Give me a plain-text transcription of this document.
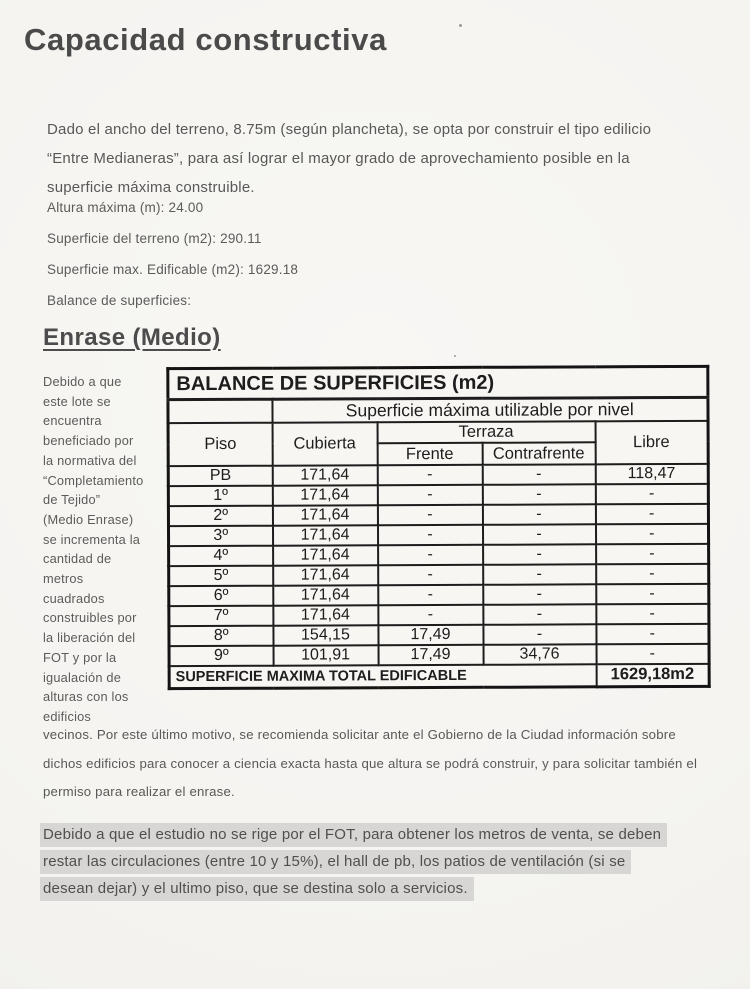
Capacidad constructiva

Dado el ancho del terreno, 8.75m (según plancheta), se opta por construir el tipo edilicio “Entre Medianeras”, para así lograr el mayor grado de aprovechamiento posible en la superficie máxima construible.

Altura máxima (m): 24.00
Superficie del terreno (m2): 290.11
Superficie max. Edificable (m2): 1629.18
Balance de superficies:
Enrase (Medio)
Debido a que
este lote se
encuentra
beneficiado por
la normativa del
“Completamiento
de Tejido”
(Medio Enrase)
se incrementa la
cantidad de
metros
cuadrados
construibles por
la liberación del
FOT y por la
igualación de
alturas con los
edificios
BALANCE DE SUPERFICIES (m2)				
	Superficie máxima utilizable por nivel			
Piso	Cubierta	Terraza		Libre
		Frente	Contrafrente	
PB	171,64	-	-	118,47
1º	171,64	-	-	-
2º	171,64	-	-	-
3º	171,64	-	-	-
4º	171,64	-	-	-
5º	171,64	-	-	-
6º	171,64	-	-	-
7º	171,64	-	-	-
8º	154,15	17,49	-	-
9º	101,91	17,49	34,76	-
SUPERFICIE MAXIMA TOTAL EDIFICABLE				1629,18m2

vecinos. Por este último motivo, se recomienda solicitar ante el Gobierno de la Ciudad información sobre dichos edificios para conocer a ciencia exacta hasta que altura se podrá construir, y para solicitar también el permiso para realizar el enrase.

Debido a que el estudio no se rige por el FOT, para obtener los metros de venta, se deben
restar las circulaciones (entre 10 y 15%), el hall de pb, los patios de ventilación (si se
desean dejar) y el ultimo piso, que se destina solo a servicios.
